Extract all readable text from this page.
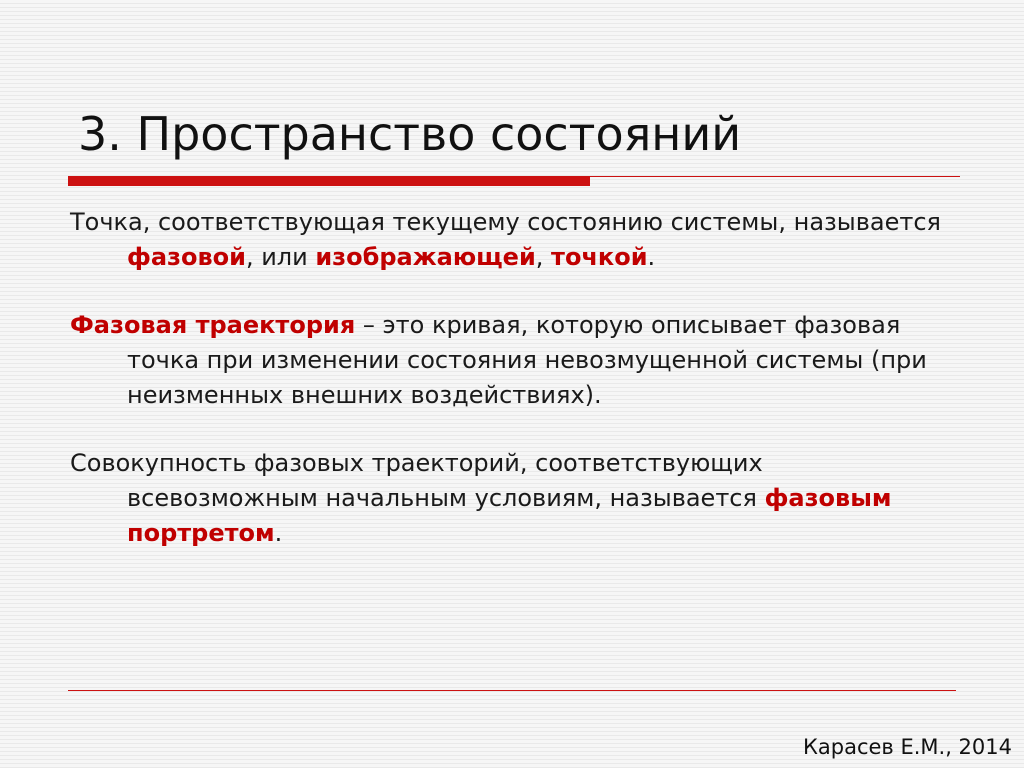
3. Пространство состояний

Точка, соответствующая текущему состоянию системы, называется фазовой, или изображающей, точкой.

Фазовая траектория – это кривая, которую описывает фазовая точка при изменении состояния невозмущенной системы (при неизменных внешних воздействиях).

Совокупность фазовых траекторий, соответствующих всевозможным начальным условиям, называется фазовым портретом.

Карасев Е.М., 2014
